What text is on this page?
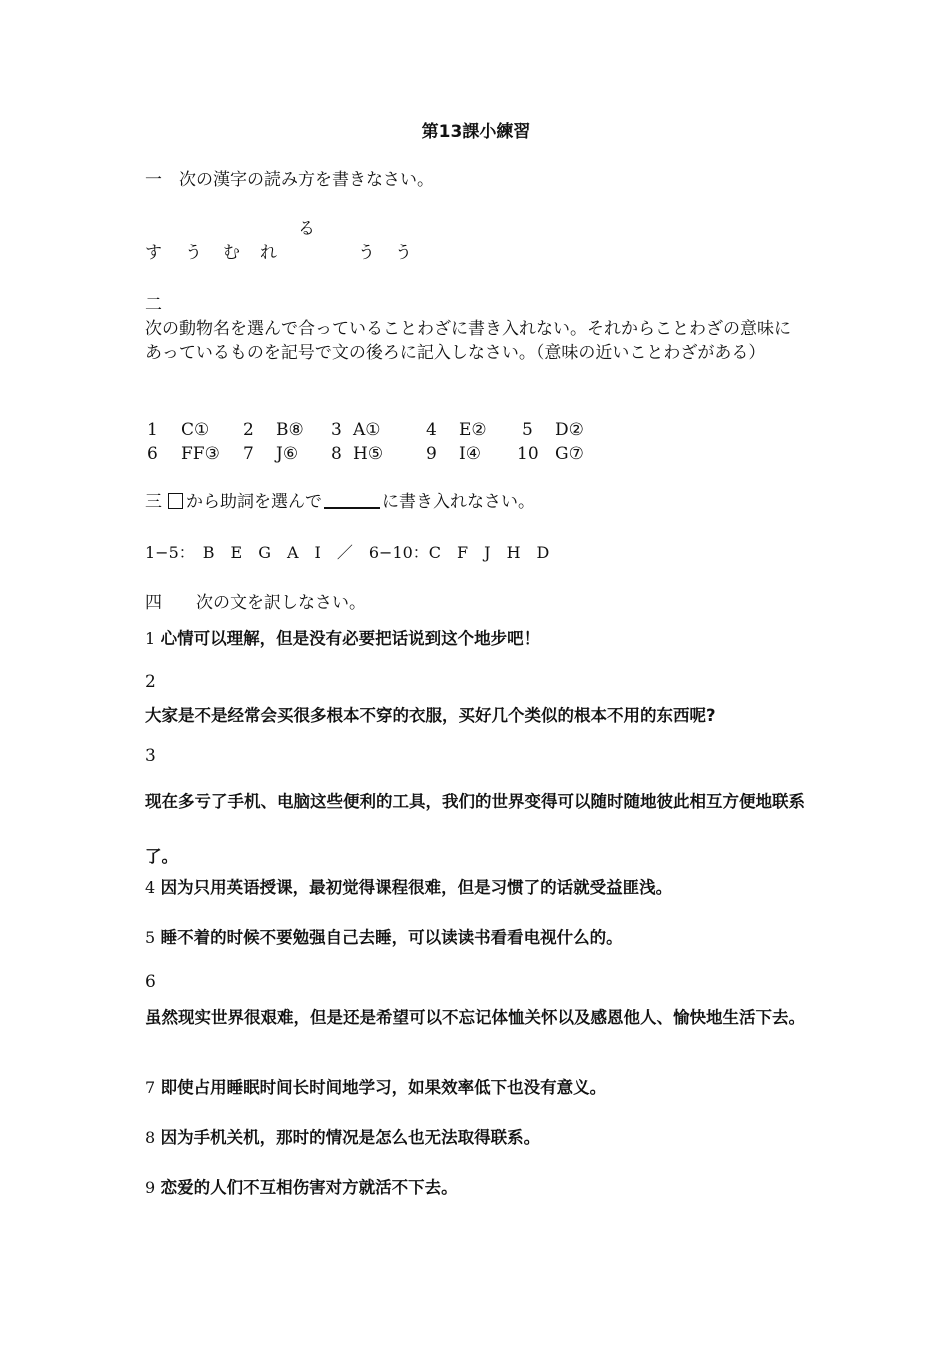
第13課小練習
一　次の漢字の読み方を書きなさい。
る
す う む れ	う う
二
次の動物名を選んで合っていることわざに書き入れない。それからことわざの意味にあっているものを記号で文の後ろに記入しなさい。（意味の近いことわざがある）
1 C① 2 B⑧ 3 A①	4 E② 5 D②
6 FF③ 7 J⑥ 8 H⑤	9 I④ 10 G⑦
三 から助詞を選んで	に書き入れなさい。
1−5：　B　E　G　A　I　／　6−10：C　F　J　H　D
四　　次の文を訳しなさい。
1 心情可以理解，但是没有必要把话说到这个地步吧！
2
大家是不是经常会买很多根本不穿的衣服，买好几个类似的根本不用的东西呢?
3
现在多亏了手机、电脑这些便利的工具，我们的世界变得可以随时随地彼此相互方便地联系了。
4 因为只用英语授课，最初觉得课程很难，但是习惯了的话就受益匪浅。
5 睡不着的时候不要勉强自己去睡，可以读读书看看电视什么的。
6
虽然现实世界很艰难，但是还是希望可以不忘记体恤关怀以及感恩他人、愉快地生活下去。
7 即使占用睡眠时间长时间地学习，如果效率低下也没有意义。
8 因为手机关机，那时的情况是怎么也无法取得联系。
9 恋爱的人们不互相伤害对方就活不下去。
